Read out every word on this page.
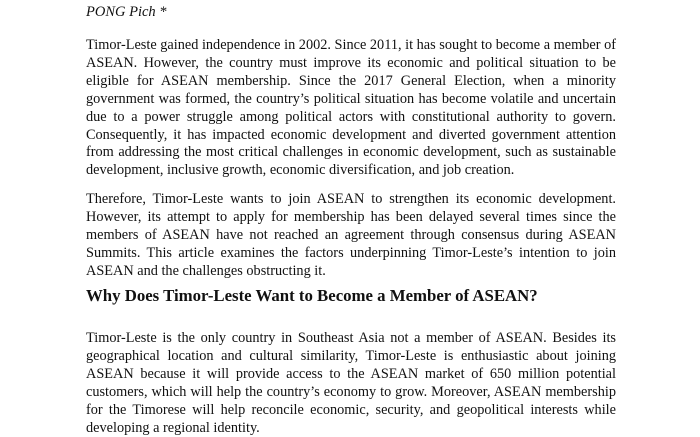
PONG Pich *

Timor-Leste gained independence in 2002. Since 2011, it has sought to become a member of ASEAN. However, the country must improve its economic and political situation to be eligible for ASEAN membership. Since the 2017 General Election, when a minority government was formed, the country’s political situation has become volatile and uncertain due to a power struggle among political actors with constitutional authority to govern. Consequently, it has impacted economic development and diverted government attention from addressing the most critical challenges in economic development, such as sustainable development, inclusive growth, economic diversification, and job creation.

Therefore, Timor-Leste wants to join ASEAN to strengthen its economic development. However, its attempt to apply for membership has been delayed several times since the members of ASEAN have not reached an agreement through consensus during ASEAN Summits. This article examines the factors underpinning Timor-Leste’s intention to join ASEAN and the challenges obstructing it.

Why Does Timor-Leste Want to Become a Member of ASEAN?

Timor-Leste is the only country in Southeast Asia not a member of ASEAN. Besides its geographical location and cultural similarity, Timor-Leste is enthusiastic about joining ASEAN because it will provide access to the ASEAN market of 650 million potential customers, which will help the country’s economy to grow. Moreover, ASEAN membership for the Timorese will help reconcile economic, security, and geopolitical interests while developing a regional identity.
